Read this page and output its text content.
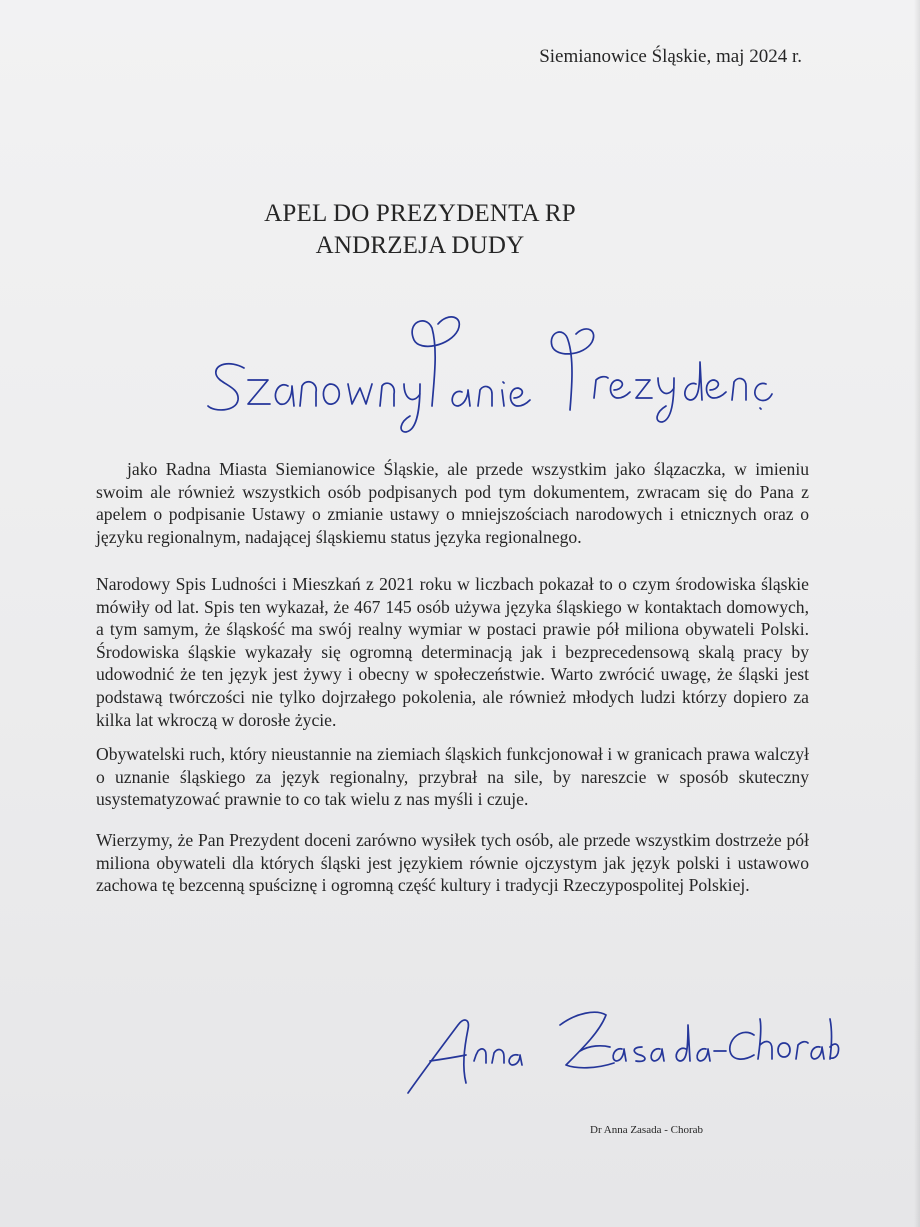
Siemianowice Śląskie, maj 2024 r.
APEL DO PREZYDENTA RP
ANDRZEJA DUDY

jako Radna Miasta Siemianowice Śląskie, ale przede wszystkim jako ślązaczka, w imieniu swoim ale również wszystkich osób podpisanych pod tym dokumentem, zwracam się do Pana z apelem o podpisanie Ustawy o zmianie ustawy o mniejszościach narodowych i etnicznych oraz o języku regionalnym, nadającej śląskiemu status języka regionalnego.

Narodowy Spis Ludności i Mieszkań z 2021 roku w liczbach pokazał to o czym środowiska śląskie mówiły od lat. Spis ten wykazał, że 467 145 osób używa języka śląskiego w kontaktach domowych, a tym samym, że śląskość ma swój realny wymiar w postaci prawie pół miliona obywateli Polski. Środowiska śląskie wykazały się ogromną determinacją jak i bezprecedensową skalą pracy by udowodnić że ten język jest żywy i obecny w społeczeństwie. Warto zwrócić uwagę, że śląski jest podstawą twórczości nie tylko dojrzałego pokolenia, ale również młodych ludzi którzy dopiero za kilka lat wkroczą w dorosłe życie.

Obywatelski ruch, który nieustannie na ziemiach śląskich funkcjonował i w granicach prawa walczył o uznanie śląskiego za język regionalny, przybrał na sile, by nareszcie w sposób skuteczny usystematyzować prawnie to co tak wielu z nas myśli i czuje.

Wierzymy, że Pan Prezydent doceni zarówno wysiłek tych osób, ale przede wszystkim dostrzeże pół miliona obywateli dla których śląski jest językiem równie ojczystym jak język polski i ustawowo zachowa tę bezcenną spuściznę i ogromną część kultury i tradycji Rzeczypospolitej Polskiej.

Dr Anna Zasada - Chorab
